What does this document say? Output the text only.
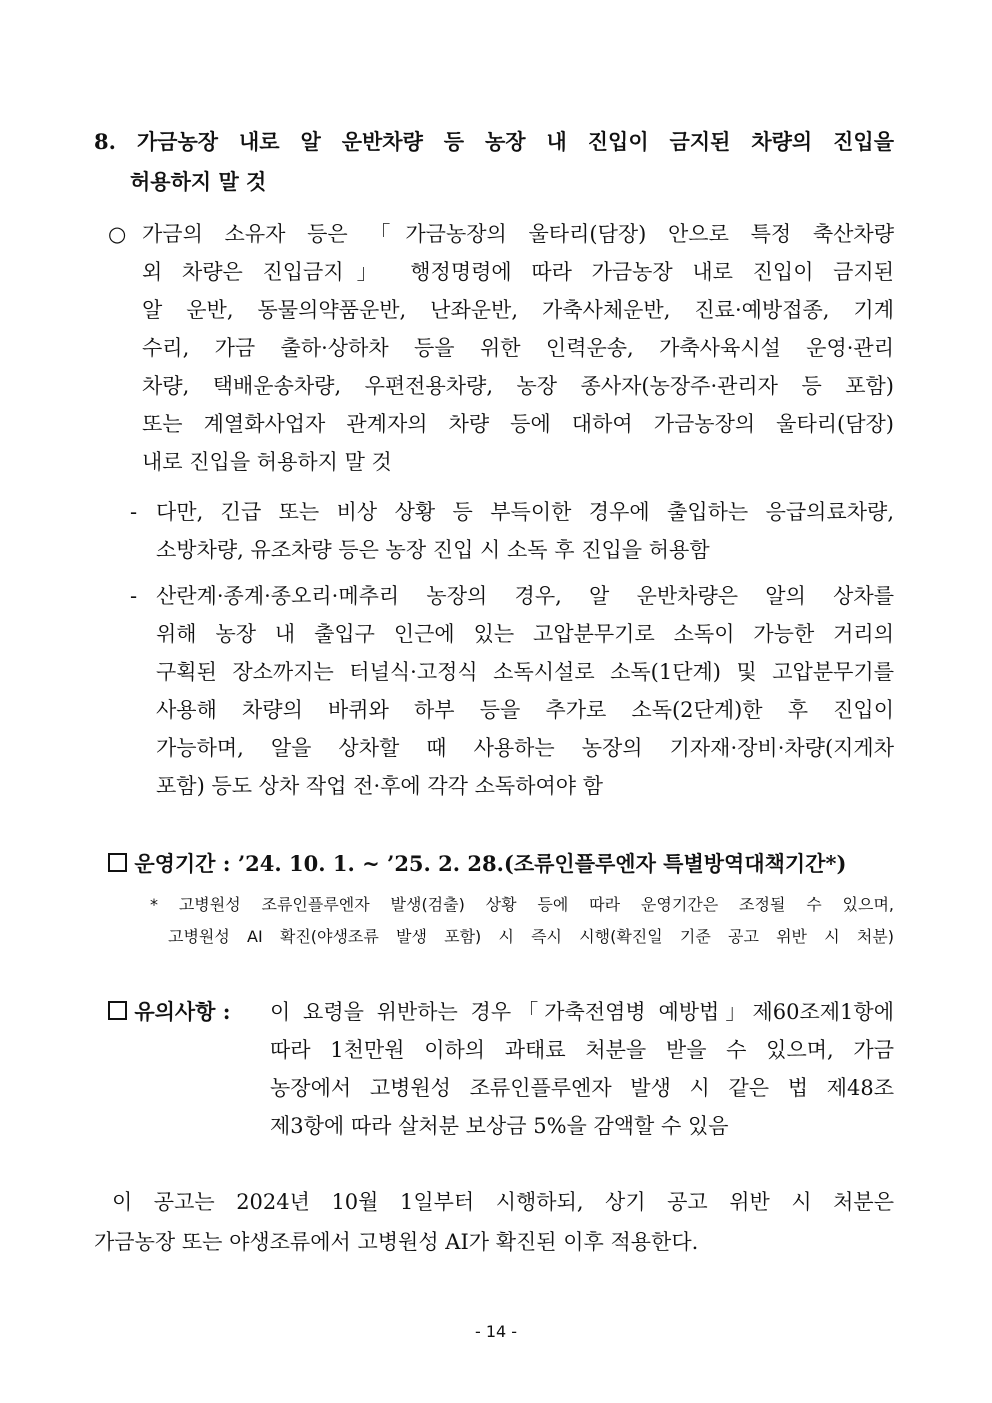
8. 가금농장 내로 알 운반차량 등 농장 내 진입이 금지된 차량의 진입을
허용하지 말 것
○ 가금의 소유자 등은 「가금농장의 울타리(담장) 안으로 특정 축산차량
외 차량은 진입금지」 행정명령에 따라 가금농장 내로 진입이 금지된
알 운반, 동물의약품운반, 난좌운반, 가축사체운반, 진료·예방접종, 기계
수리, 가금 출하·상하차 등을 위한 인력운송, 가축사육시설 운영·관리
차량, 택배운송차량, 우편전용차량, 농장 종사자(농장주·관리자 등 포함)
또는 계열화사업자 관계자의 차량 등에 대하여 가금농장의 울타리(담장)
내로 진입을 허용하지 말 것
- 다만, 긴급 또는 비상 상황 등 부득이한 경우에 출입하는 응급의료차량,
소방차량, 유조차량 등은 농장 진입 시 소독 후 진입을 허용함
- 산란계·종계·종오리·메추리 농장의 경우, 알 운반차량은 알의 상차를
위해 농장 내 출입구 인근에 있는 고압분무기로 소독이 가능한 거리의
구획된 장소까지는 터널식·고정식 소독시설로 소독(1단계) 및 고압분무기를
사용해 차량의 바퀴와 하부 등을 추가로 소독(2단계)한 후 진입이
가능하며, 알을 상차할 때 사용하는 농장의 기자재·장비·차량(지게차
포함) 등도 상차 작업 전·후에 각각 소독하여야 함
운영기간 : ’24. 10. 1. ~ ’25. 2. 28.(조류인플루엔자 특별방역대책기간*)
* 고병원성 조류인플루엔자 발생(검출) 상황 등에 따라 운영기간은 조정될 수 있으며,
고병원성 AI 확진(야생조류 발생 포함) 시 즉시 시행(확진일 기준 공고 위반 시 처분)
유의사항 : 이 요령을 위반하는 경우「가축전염병 예방법」제60조제1항에
따라 1천만원 이하의 과태료 처분을 받을 수 있으며, 가금
농장에서 고병원성 조류인플루엔자 발생 시 같은 법 제48조
제3항에 따라 살처분 보상금 5%을 감액할 수 있음
이 공고는 2024년 10월 1일부터 시행하되, 상기 공고 위반 시 처분은
가금농장 또는 야생조류에서 고병원성 AI가 확진된 이후 적용한다.
- 14 -
